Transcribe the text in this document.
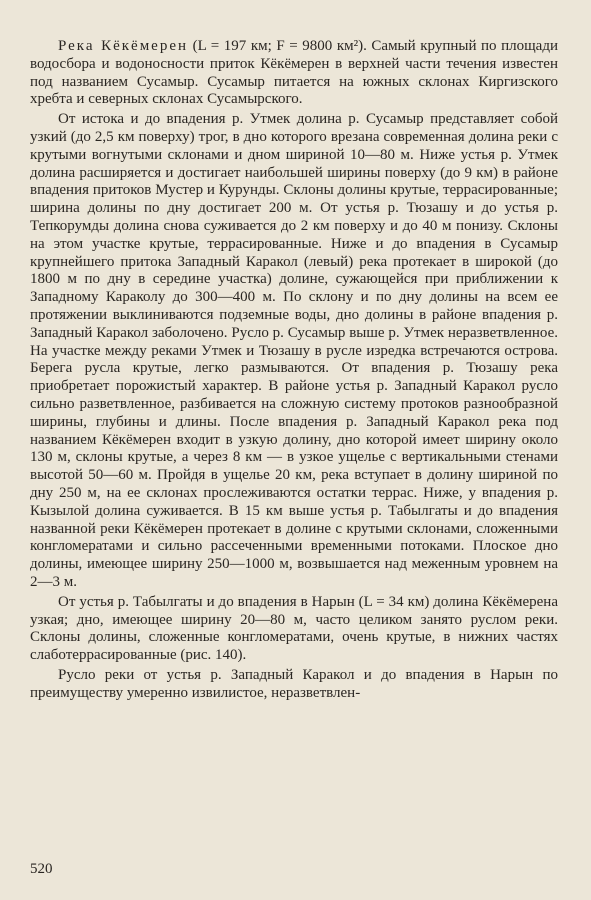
Река Кёкёмерен (L = 197 км; F = 9800 км²). Самый крупный по площади водосбора и водоносности приток Кёкёмерен в верхней части течения известен под названием Сусамыр. Сусамыр питается на южных склонах Киргизского хребта и северных склонах Сусамырского.

От истока и до впадения р. Утмек долина р. Сусамыр представляет собой узкий (до 2,5 км поверху) трог, в дно которого врезана современная долина реки с крутыми вогнутыми склонами и дном шириной 10—80 м. Ниже устья р. Утмек долина расширяется и достигает наибольшей ширины поверху (до 9 км) в районе впадения притоков Мустер и Курунды. Склоны долины крутые, террасированные; ширина долины по дну достигает 200 м. От устья р. Тюзашу и до устья р. Тепкорумды долина снова суживается до 2 км поверху и до 40 м понизу. Склоны на этом участке крутые, террасированные. Ниже и до впадения в Сусамыр крупнейшего притока Западный Каракол (левый) река протекает в широкой (до 1800 м по дну в середине участка) долине, сужающейся при приближении к Западному Караколу до 300—400 м. По склону и по дну долины на всем ее протяжении выклиниваются подземные воды, дно долины в районе впадения р. Западный Каракол заболочено. Русло р. Сусамыр выше р. Утмек неразветвленное. На участке между реками Утмек и Тюзашу в русле изредка встречаются острова. Берега русла крутые, легко размываются. От впадения р. Тюзашу река приобретает порожистый характер. В районе устья р. Западный Каракол русло сильно разветвленное, разбивается на сложную систему протоков разнообразной ширины, глубины и длины. После впадения р. Западный Каракол река под названием Кёкёмерен входит в узкую долину, дно которой имеет ширину около 130 м, склоны крутые, а через 8 км — в узкое ущелье с вертикальными стенами высотой 50—60 м. Пройдя в ущелье 20 км, река вступает в долину шириной по дну 250 м, на ее склонах прослеживаются остатки террас. Ниже, у впадения р. Кызылой долина суживается. В 15 км выше устья р. Табылгаты и до впадения названной реки Кёкёмерен протекает в долине с крутыми склонами, сложенными конгломератами и сильно рассеченными временными потоками. Плоское дно долины, имеющее ширину 250—1000 м, возвышается над меженным уровнем на 2—3 м.

От устья р. Табылгаты и до впадения в Нарын (L = 34 км) долина Кёкёмерена узкая; дно, имеющее ширину 20—80 м, часто целиком занято руслом реки. Склоны долины, сложенные конгломератами, очень крутые, в нижних частях слаботеррасированные (рис. 140).

Русло реки от устья р. Западный Каракол и до впадения в Нарын по преимуществу умеренно извилистое, неразветвлен-

520
